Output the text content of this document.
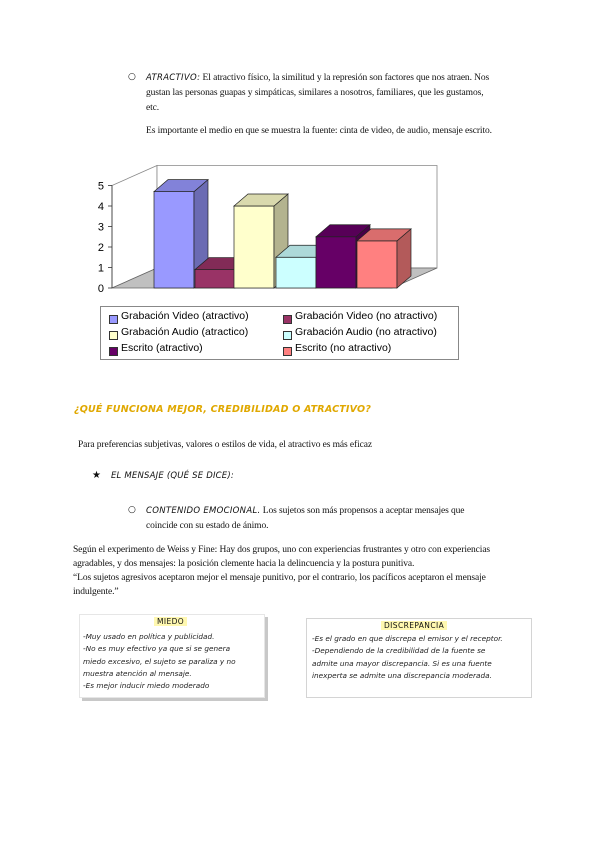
○ ATRACTIVO: El atractivo físico, la similitud y la represión son factores que nos atraen. Nos
gustan las personas guapas y simpáticas, similares a nosotros, familiares, que les gustamos,
etc.
Es importante el medio en que se muestra la fuente: cinta de video, de audio, mensaje escrito.
0
1
2
3
4
5
Grabación Video (atractivo)	Grabación Video (no atractivo)
Grabación Audio (atractico)	Grabación Audio (no atractivo)
Escrito (atractivo)	Escrito (no atractivo)
¿QUÉ FUNCIONA MEJOR, CREDIBILIDAD O ATRACTIVO?
Para preferencias subjetivas, valores o estilos de vida, el atractivo es más eficaz
★ EL MENSAJE (QUÉ SE DICE):
○ CONTENIDO EMOCIONAL. Los sujetos son más propensos a aceptar mensajes que
coincide con su estado de ánimo.
Según el experimento de Weiss y Fine: Hay dos grupos, uno con experiencias frustrantes y otro con experiencias
agradables, y dos mensajes: la posición clemente hacia la delincuencia y la postura punitiva.
“Los sujetos agresivos aceptaron mejor el mensaje punitivo, por el contrario, los pacíficos aceptaron el mensaje
indulgente.”
MIEDO
-Muy usado en política y publicidad.
-No es muy efectivo ya que si se genera
miedo excesivo, el sujeto se paraliza y no
muestra atención al mensaje.
-Es mejor inducir miedo moderado
DISCREPANCIA
-Es el grado en que discrepa el emisor y el receptor.
-Dependiendo de la credibilidad de la fuente se
admite una mayor discrepancia. Si es una fuente
inexperta se admite una discrepancia moderada.
